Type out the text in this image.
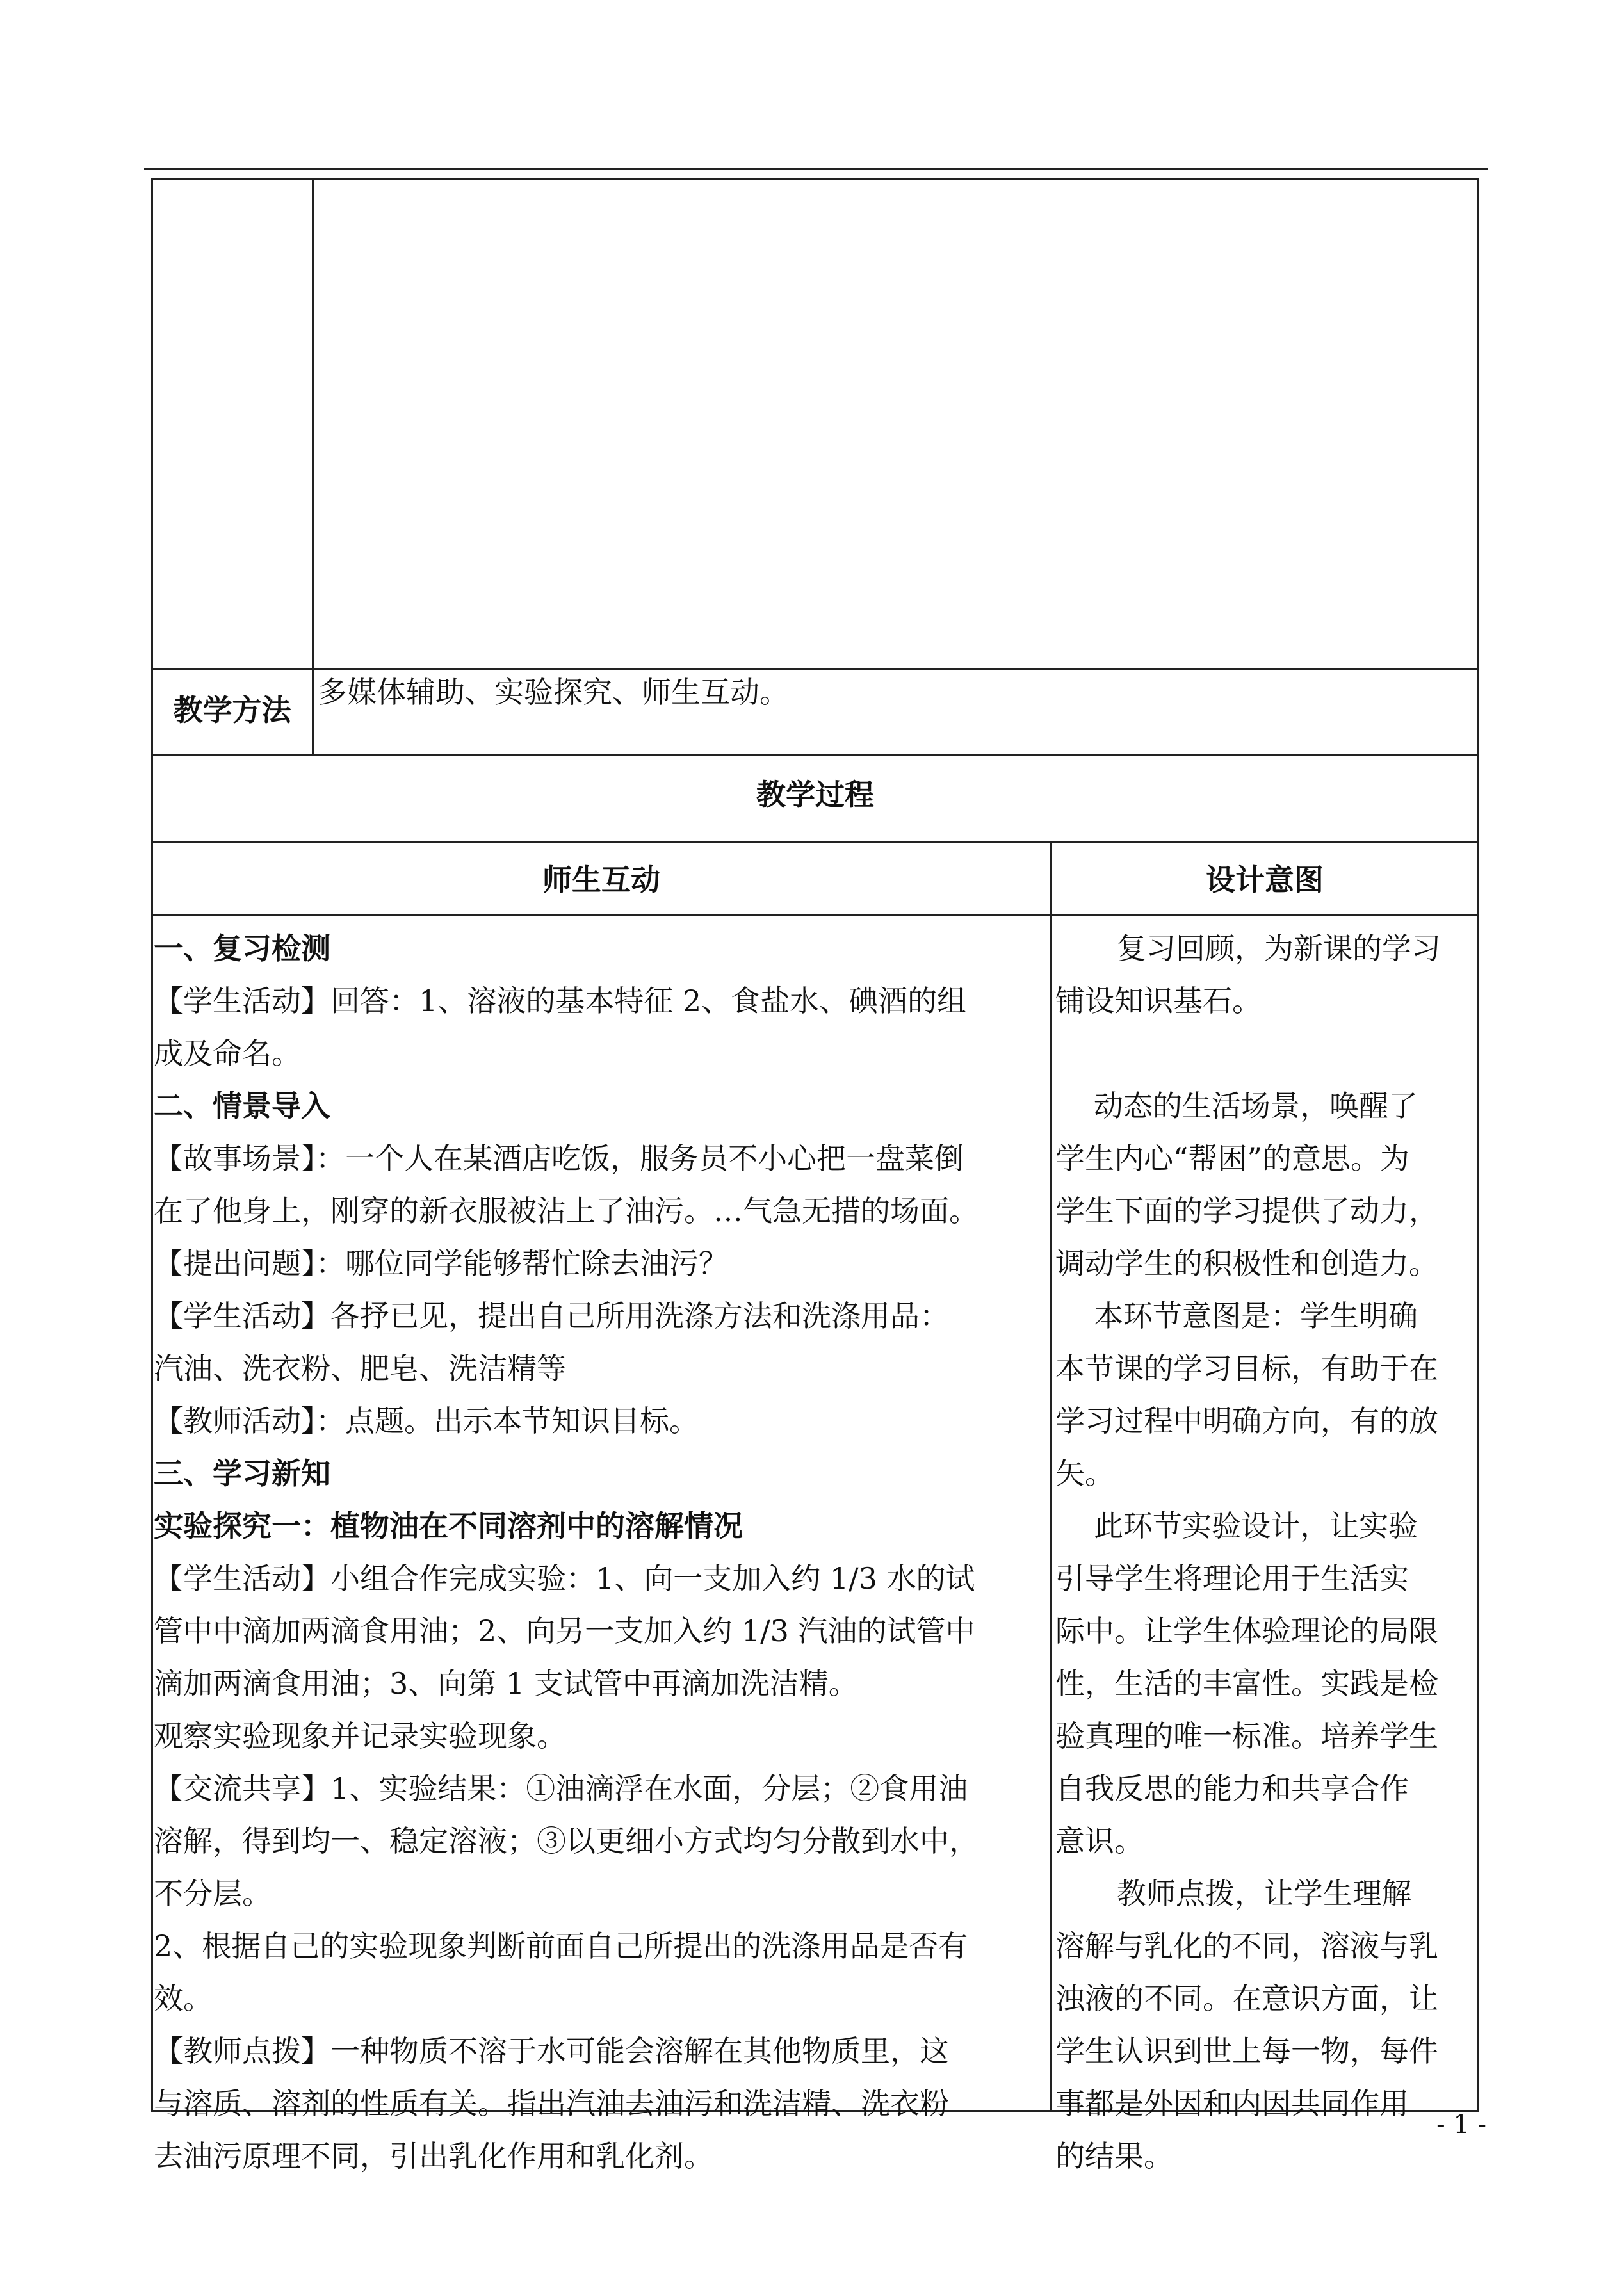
教学方法
多媒体辅助、实验探究、师生互动。
教学过程
师生互动	设计意图

一、复习检测

【学生活动】回答：1、溶液的基本特征 2、食盐水、碘酒的组

成及命名。

二、情景导入

【故事场景】：一个人在某酒店吃饭，服务员不小心把一盘菜倒

在了他身上，刚穿的新衣服被沾上了油污。…气急无措的场面。

【提出问题】：哪位同学能够帮忙除去油污？

【学生活动】各抒已见，提出自己所用洗涤方法和洗涤用品：

汽油、洗衣粉、肥皂、洗洁精等

【教师活动】：点题。出示本节知识目标。

三、学习新知

实验探究一：植物油在不同溶剂中的溶解情况

【学生活动】小组合作完成实验：1、向一支加入约 1/3 水的试

管中中滴加两滴食用油；2、向另一支加入约 1/3 汽油的试管中

滴加两滴食用油；3、向第 1 支试管中再滴加洗洁精。

观察实验现象并记录实验现象。

【交流共享】1、实验结果：①油滴浮在水面，分层；②食用油

溶解，得到均一、稳定溶液；③以更细小方式均匀分散到水中，

不分层。

2、根据自己的实验现象判断前面自己所提出的洗涤用品是否有

效。

【教师点拨】一种物质不溶于水可能会溶解在其他物质里，这

与溶质、溶剂的性质有关。指出汽油去油污和洗洁精、洗衣粉

去油污原理不同，引出乳化作用和乳化剂。

复习回顾，为新课的学习

铺设知识基石。

动态的生活场景，唤醒了

学生内心“帮困”的意思。为

学生下面的学习提供了动力，

调动学生的积极性和创造力。

本环节意图是：学生明确

本节课的学习目标，有助于在

学习过程中明确方向，有的放

矢。

此环节实验设计，让实验

引导学生将理论用于生活实

际中。让学生体验理论的局限

性，生活的丰富性。实践是检

验真理的唯一标准。培养学生

自我反思的能力和共享合作

意识。

教师点拨，让学生理解

溶解与乳化的不同，溶液与乳

浊液的不同。在意识方面，让

学生认识到世上每一物，每件

事都是外因和内因共同作用

的结果。

- 1 -
